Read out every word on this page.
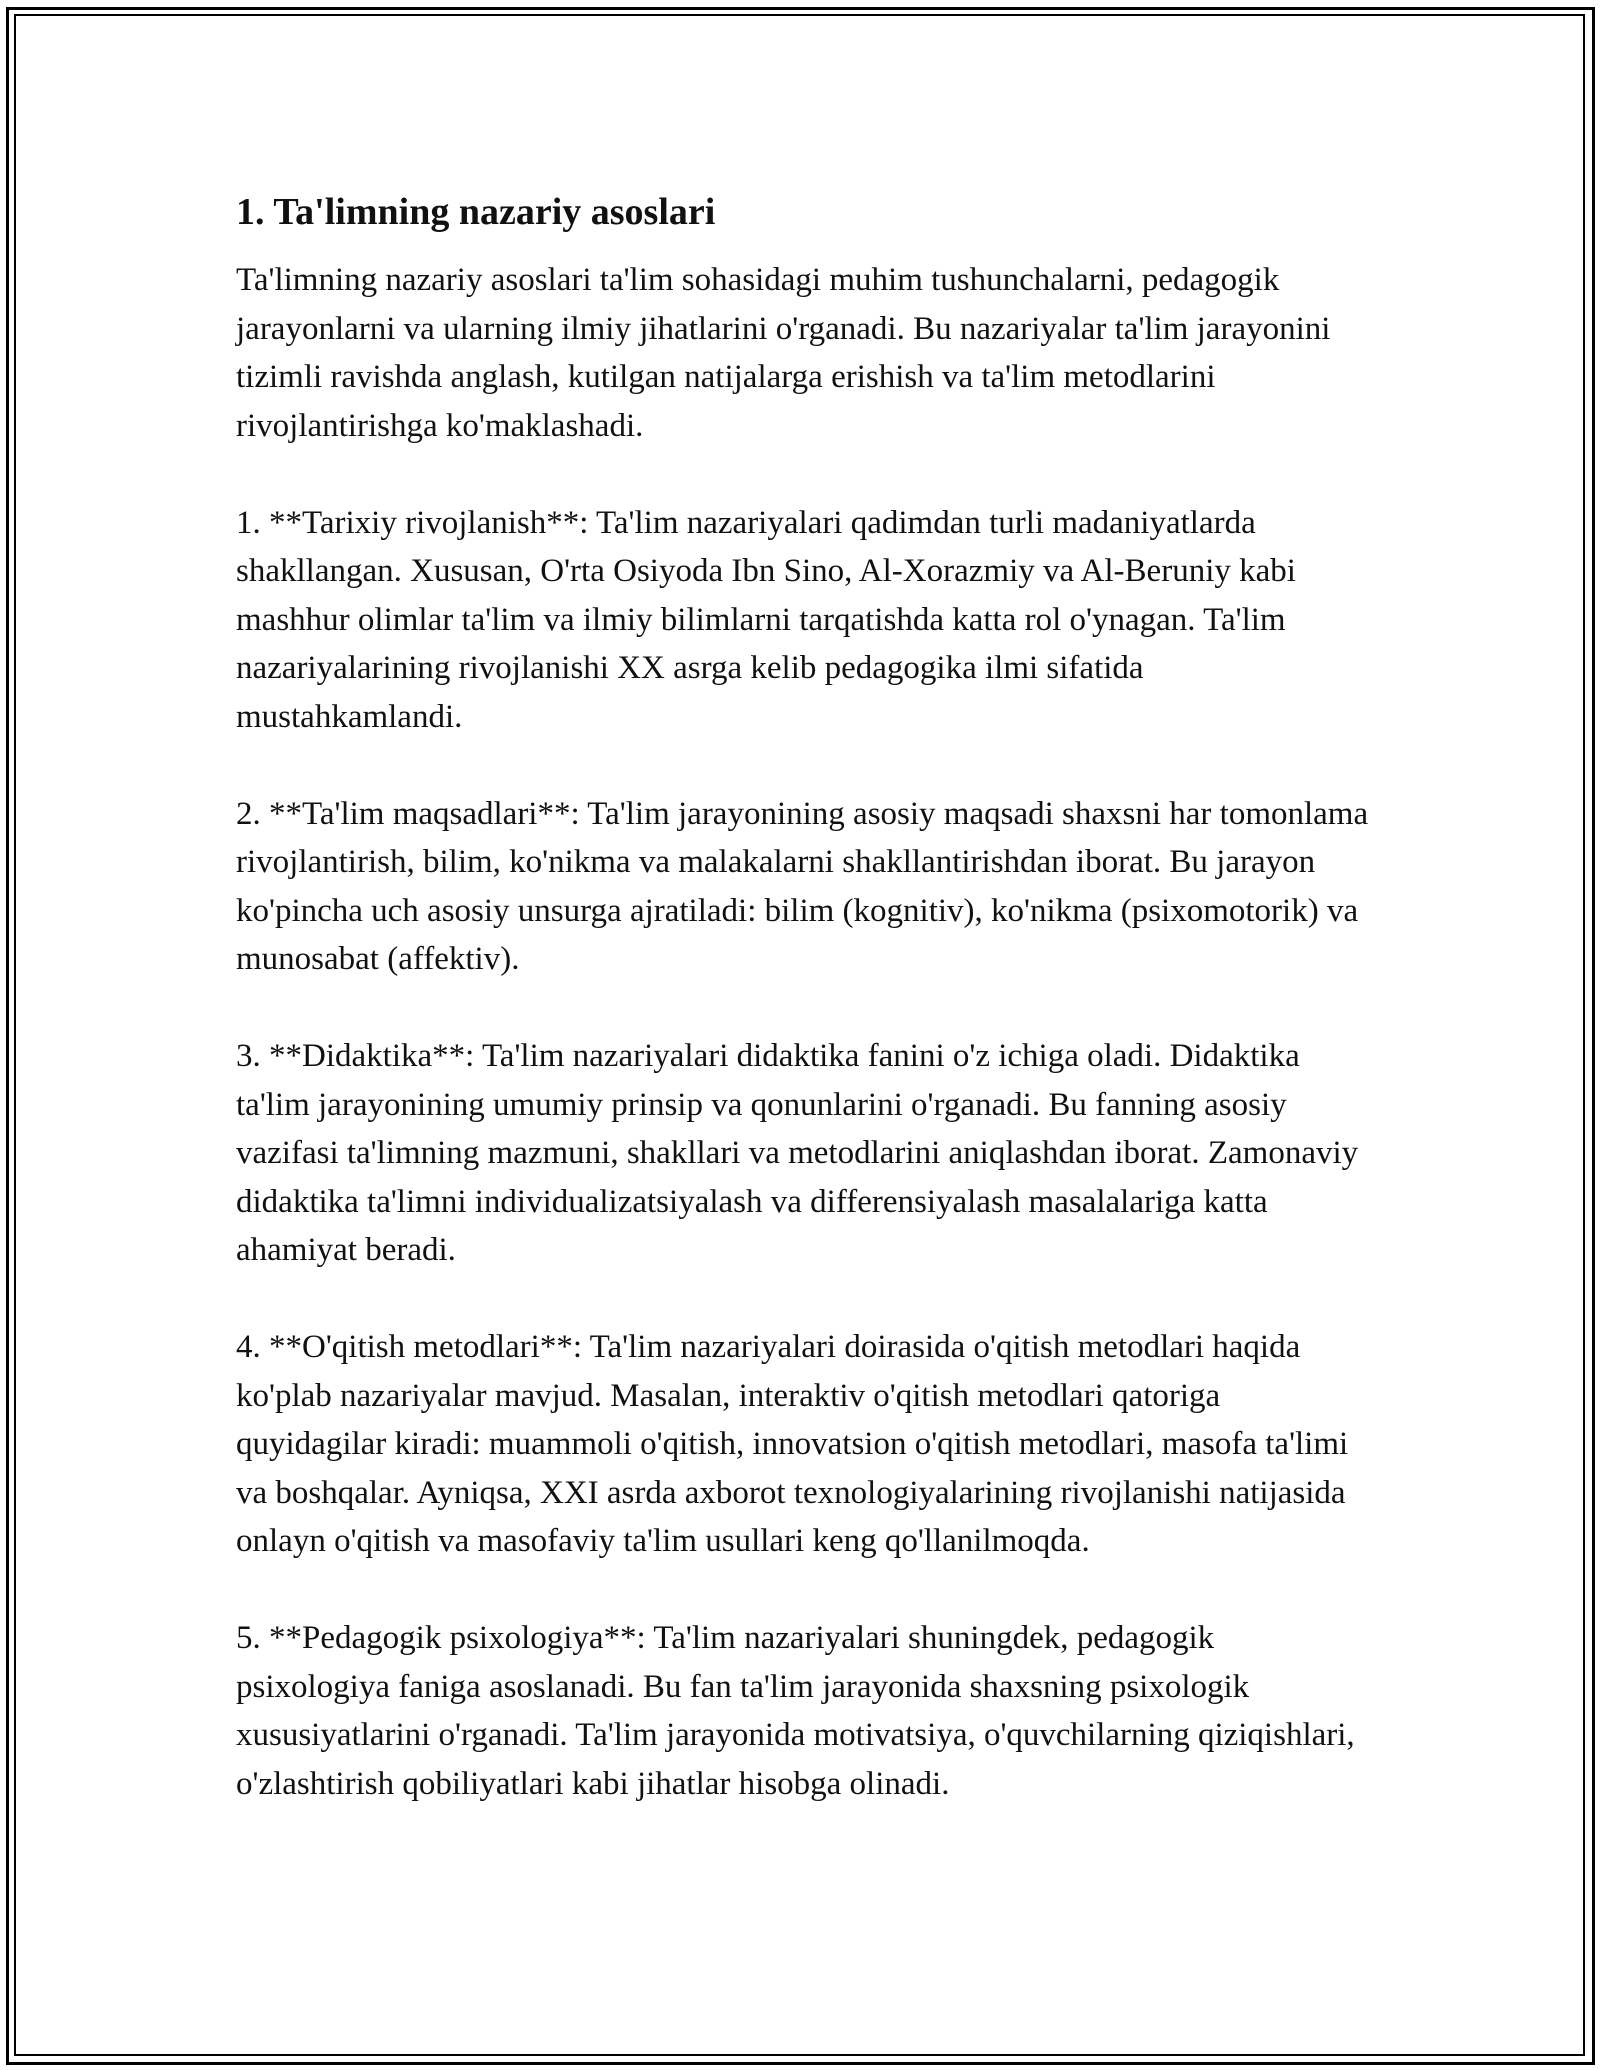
1. Ta'limning nazariy asoslari

Ta'limning nazariy asoslari ta'lim sohasidagi muhim tushunchalarni, pedagogik jarayonlarni va ularning ilmiy jihatlarini o'rganadi. Bu nazariyalar ta'lim jarayonini tizimli ravishda anglash, kutilgan natijalarga erishish va ta'lim metodlarini rivojlantirishga ko'maklashadi.

1. **Tarixiy rivojlanish**: Ta'lim nazariyalari qadimdan turli madaniyatlarda shakllangan. Xususan, O'rta Osiyoda Ibn Sino, Al-Xorazmiy va Al-Beruniy kabi mashhur olimlar ta'lim va ilmiy bilimlarni tarqatishda katta rol o'ynagan. Ta'lim nazariyalarining rivojlanishi XX asrga kelib pedagogika ilmi sifatida mustahkamlandi.

2. **Ta'lim maqsadlari**: Ta'lim jarayonining asosiy maqsadi shaxsni har tomonlama rivojlantirish, bilim, ko'nikma va malakalarni shakllantirishdan iborat. Bu jarayon ko'pincha uch asosiy unsurga ajratiladi: bilim (kognitiv), ko'nikma (psixomotorik) va munosabat (affektiv).

3. **Didaktika**: Ta'lim nazariyalari didaktika fanini o'z ichiga oladi. Didaktika ta'lim jarayonining umumiy prinsip va qonunlarini o'rganadi. Bu fanning asosiy vazifasi ta'limning mazmuni, shakllari va metodlarini aniqlashdan iborat. Zamonaviy didaktika ta'limni individualizatsiyalash va differensiyalash masalalariga katta ahamiyat beradi.

4. **O'qitish metodlari**: Ta'lim nazariyalari doirasida o'qitish metodlari haqida ko'plab nazariyalar mavjud. Masalan, interaktiv o'qitish metodlari qatoriga quyidagilar kiradi: muammoli o'qitish, innovatsion o'qitish metodlari, masofa ta'limi va boshqalar. Ayniqsa, XXI asrda axborot texnologiyalarining rivojlanishi natijasida onlayn o'qitish va masofaviy ta'lim usullari keng qo'llanilmoqda.

5. **Pedagogik psixologiya**: Ta'lim nazariyalari shuningdek, pedagogik psixologiya faniga asoslanadi. Bu fan ta'lim jarayonida shaxsning psixologik xususiyatlarini o'rganadi. Ta'lim jarayonida motivatsiya, o'quvchilarning qiziqishlari, o'zlashtirish qobiliyatlari kabi jihatlar hisobga olinadi.
